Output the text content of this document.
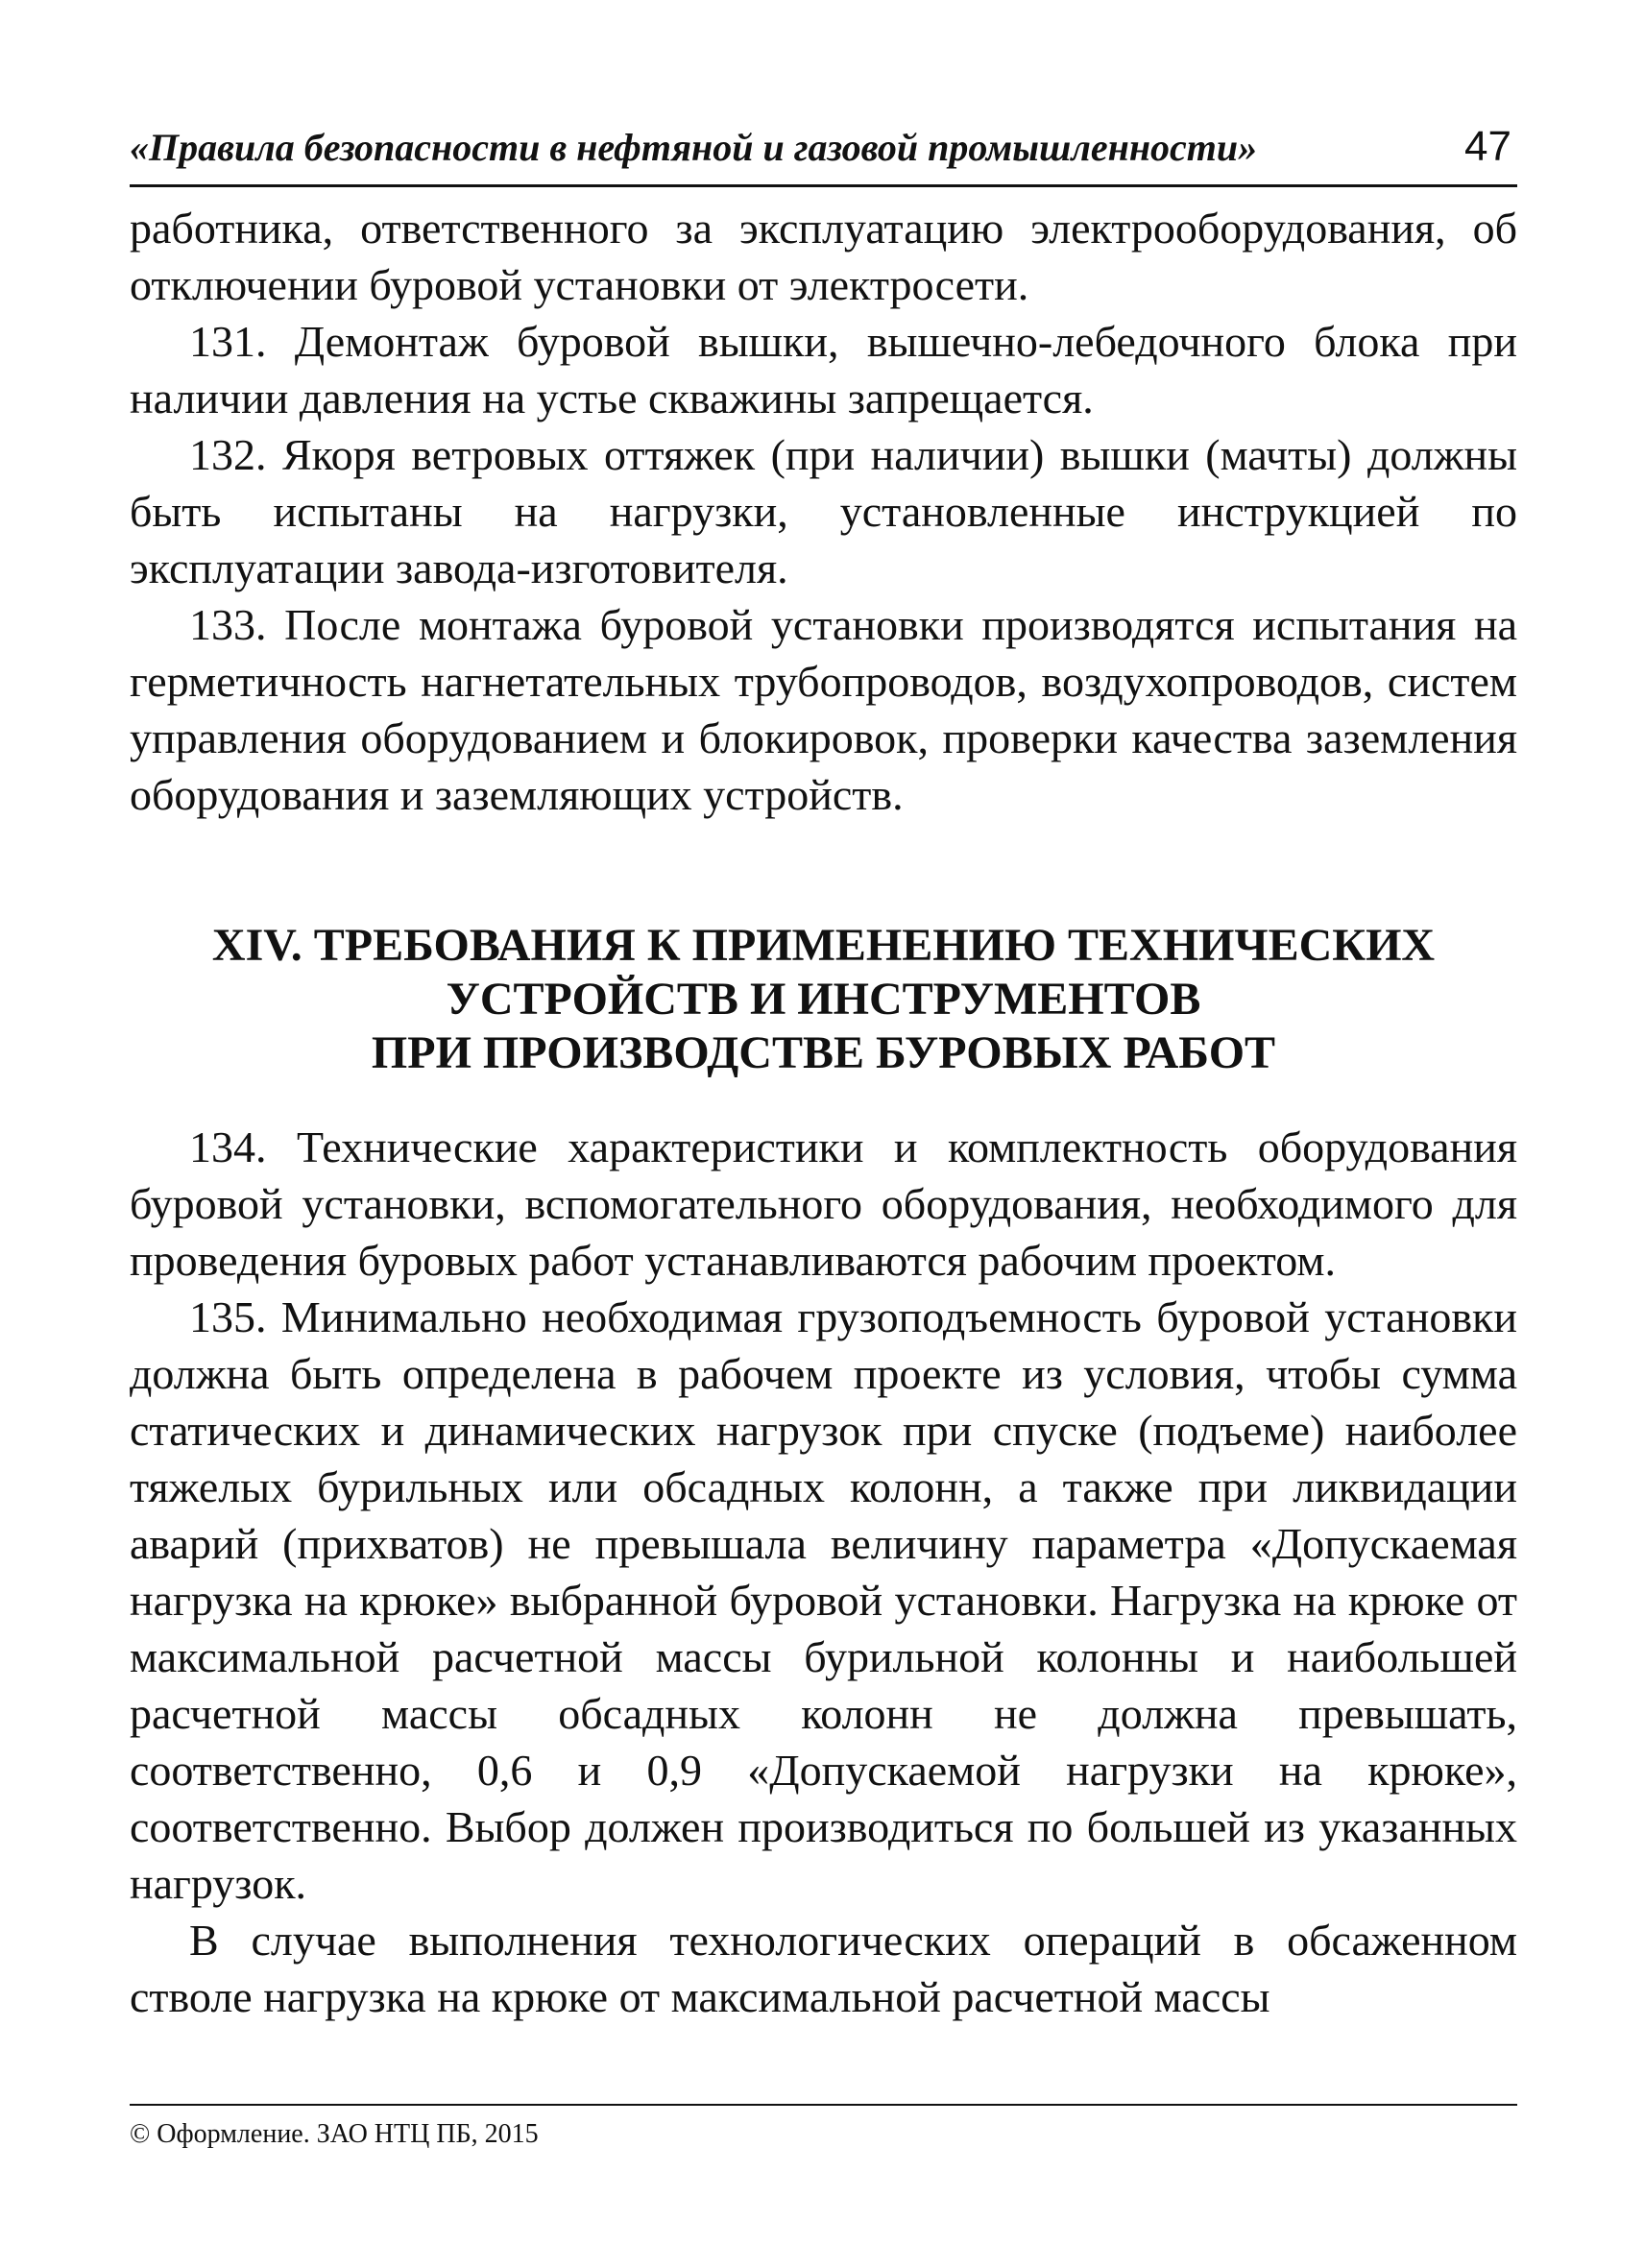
«Правила безопасности в нефтяной и газовой промышленности»	47

работника, ответственного за эксплуатацию электрооборудования, об отключении буровой установки от электросети.

131. Демонтаж буровой вышки, вышечно-лебедочного блока при наличии давления на устье скважины запрещается.

132. Якоря ветровых оттяжек (при наличии) вышки (мачты) должны быть испытаны на нагрузки, установленные инструкцией по эксплуатации завода-изготовителя.

133. После монтажа буровой установки производятся испытания на герметичность нагнетательных трубопроводов, воздухопроводов, систем управления оборудованием и блокировок, проверки качества заземления оборудования и заземляющих устройств.

XIV. ТРЕБОВАНИЯ К ПРИМЕНЕНИЮ ТЕХНИЧЕСКИХ
УСТРОЙСТВ И ИНСТРУМЕНТОВ
ПРИ ПРОИЗВОДСТВЕ БУРОВЫХ РАБОТ

134. Технические характеристики и комплектность оборудования буровой установки, вспомогательного оборудования, необходимого для проведения буровых работ устанавливаются рабочим проектом.

135. Минимально необходимая грузоподъемность буровой установки должна быть определена в рабочем проекте из условия, чтобы сумма статических и динамических нагрузок при спуске (подъеме) наиболее тяжелых бурильных или обсадных колонн, а также при ликвидации аварий (прихватов) не превышала величину параметра «Допускаемая нагрузка на крюке» выбранной буровой установки. Нагрузка на крюке от максимальной расчетной массы бурильной колонны и наибольшей расчетной массы обсадных колонн не должна превышать, соответственно, 0,6 и 0,9 «Допускаемой нагрузки на крюке», соответственно. Выбор должен производиться по большей из указанных нагрузок.

В случае выполнения технологических операций в обсаженном стволе нагрузка на крюке от максимальной расчетной массы

© Оформление. ЗАО НТЦ ПБ, 2015
